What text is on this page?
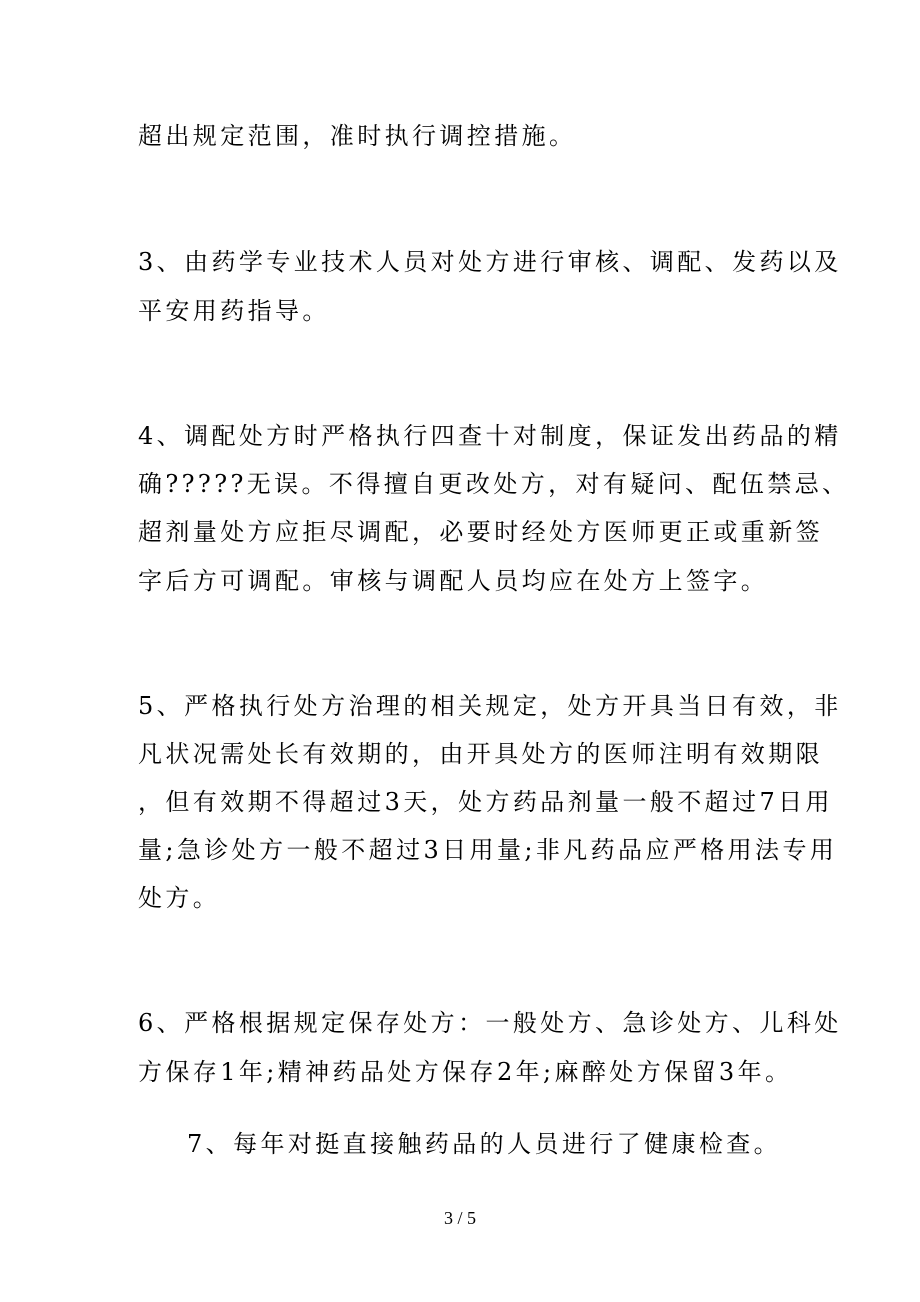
超出规定范围，准时执行调控措施。
3、由药学专业技术人员对处方进行审核、调配、发药以及
平安用药指导。
4、调配处方时严格执行四查十对制度，保证发出药品的精
确?????无误。不得擅自更改处方，对有疑问、配伍禁忌、
超剂量处方应拒尽调配，必要时经处方医师更正或重新签
字后方可调配。审核与调配人员均应在处方上签字。
5、严格执行处方治理的相关规定，处方开具当日有效，非
凡状况需处长有效期的，由开具处方的医师注明有效期限
，但有效期不得超过3天，处方药品剂量一般不超过7日用
量;急诊处方一般不超过3日用量;非凡药品应严格用法专用
处方。
6、严格根据规定保存处方：一般处方、急诊处方、儿科处
方保存1年;精神药品处方保存2年;麻醉处方保留3年。
7、每年对挺直接触药品的人员进行了健康检查。
3 / 5
